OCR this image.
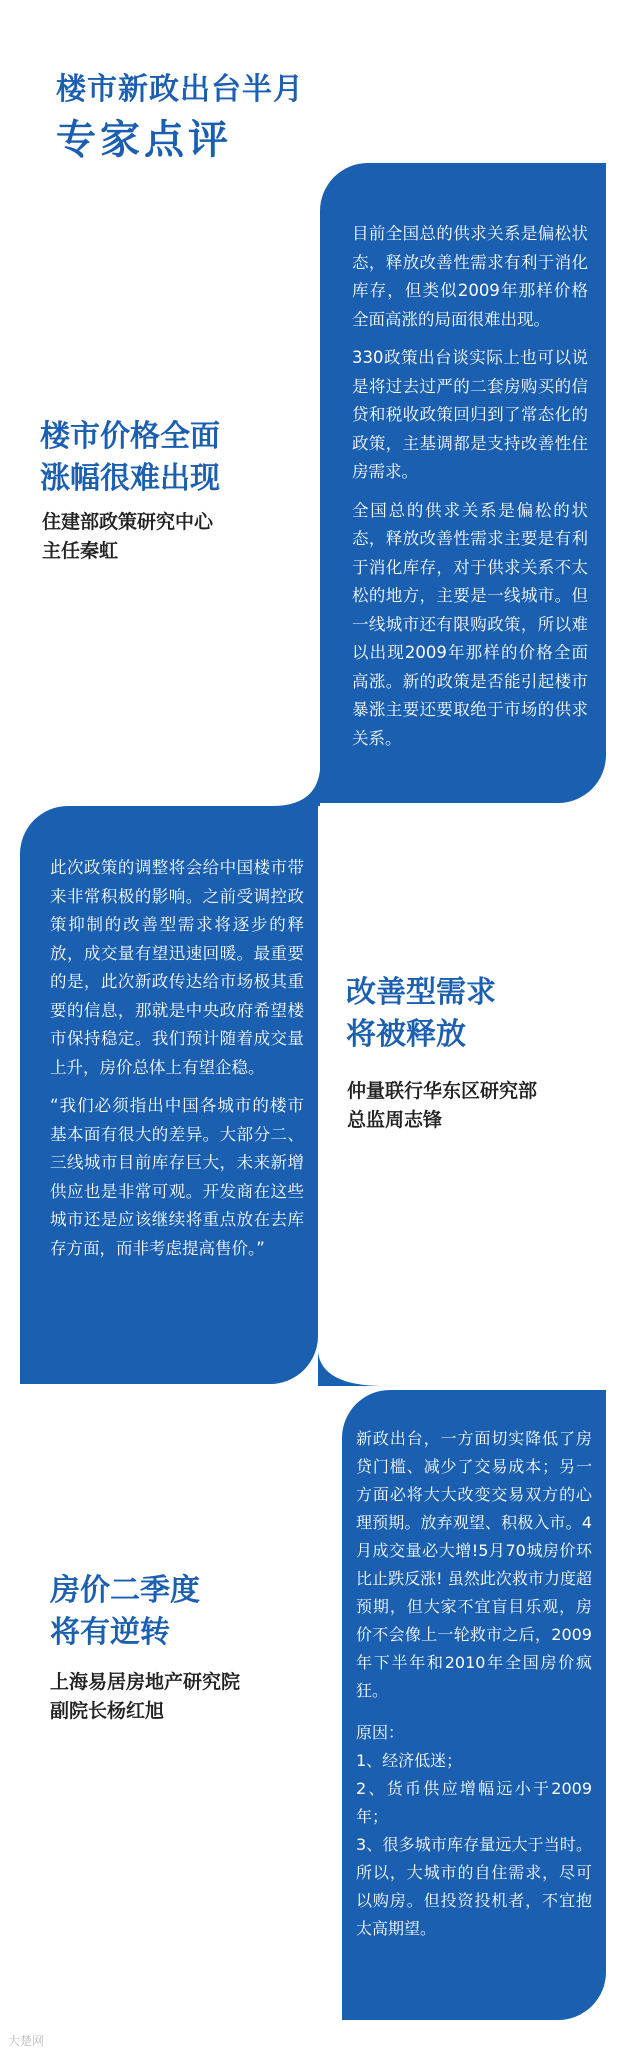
楼市新政出台半月
专家点评

目前全国总的供求关系是偏松状态，释放改善性需求有利于消化库存，但类似2009年那样价格全面高涨的局面很难出现。

330政策出台谈实际上也可以说是将过去过严的二套房购买的信贷和税收政策回归到了常态化的政策，主基调都是支持改善性住房需求。

全国总的供求关系是偏松的状态，释放改善性需求主要是有利于消化库存，对于供求关系不太松的地方，主要是一线城市。但一线城市还有限购政策，所以难以出现2009年那样的价格全面高涨。新的政策是否能引起楼市暴涨主要还要取绝于市场的供求关系。

楼市价格全面
涨幅很难出现
住建部政策研究中心
主任秦虹

此次政策的调整将会给中国楼市带来非常积极的影响。之前受调控政策抑制的改善型需求将逐步的释放，成交量有望迅速回暖。最重要的是，此次新政传达给市场极其重要的信息，那就是中央政府希望楼市保持稳定。我们预计随着成交量上升，房价总体上有望企稳。

“我们必须指出中国各城市的楼市基本面有很大的差异。大部分二、三线城市目前库存巨大，未来新增供应也是非常可观。开发商在这些城市还是应该继续将重点放在去库存方面，而非考虑提高售价。”

改善型需求
将被释放
仲量联行华东区研究部
总监周志锋

新政出台，一方面切实降低了房贷门槛、减少了交易成本；另一方面必将大大改变交易双方的心理预期。放弃观望、积极入市。4月成交量必大增!5月70城房价环比止跌反涨! 虽然此次救市力度超预期，但大家不宜盲目乐观，房价不会像上一轮救市之后，2009年下半年和2010年全国房价疯狂。

原因：
1、经济低迷；
2、货币供应增幅远小于2009年；
3、很多城市库存量远大于当时。所以，大城市的自住需求，尽可以购房。但投资投机者，不宜抱太高期望。

房价二季度
将有逆转
上海易居房地产研究院
副院长杨红旭
大楚网
